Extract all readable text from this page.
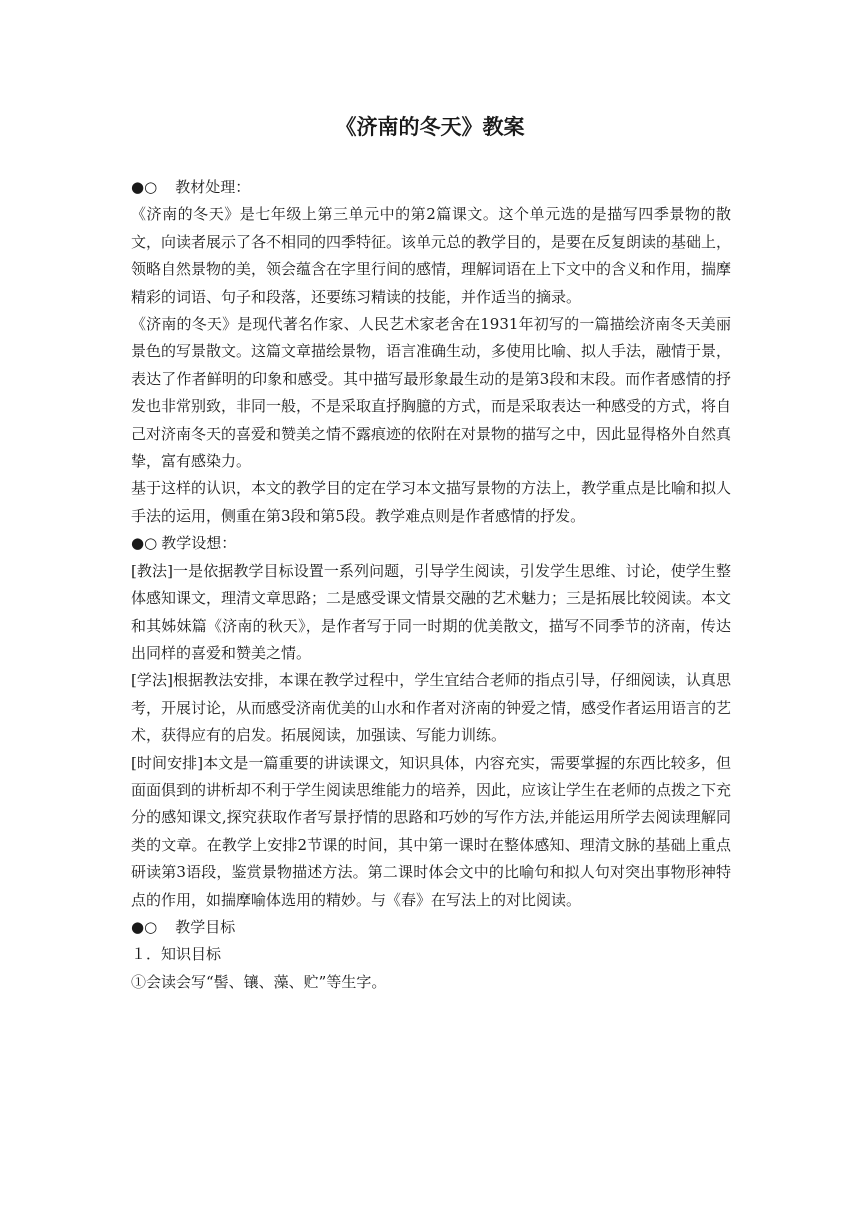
《济南的冬天》教案

●○ 教材处理：

《济南的冬天》是七年级上第三单元中的第2篇课文。这个单元选的是描写四季景物的散文，向读者展示了各不相同的四季特征。该单元总的教学目的，是要在反复朗读的基础上，领略自然景物的美，领会蕴含在字里行间的感情，理解词语在上下文中的含义和作用，揣摩精彩的词语、句子和段落，还要练习精读的技能，并作适当的摘录。

《济南的冬天》是现代著名作家、人民艺术家老舍在1931年初写的一篇描绘济南冬天美丽景色的写景散文。这篇文章描绘景物，语言准确生动，多使用比喻、拟人手法，融情于景，表达了作者鲜明的印象和感受。其中描写最形象最生动的是第3段和末段。而作者感情的抒发也非常别致，非同一般，不是采取直抒胸臆的方式，而是采取表达一种感受的方式，将自己对济南冬天的喜爱和赞美之情不露痕迹的依附在对景物的描写之中，因此显得格外自然真挚，富有感染力。

基于这样的认识，本文的教学目的定在学习本文描写景物的方法上，教学重点是比喻和拟人手法的运用，侧重在第3段和第5段。教学难点则是作者感情的抒发。

●○ 教学设想：

[教法]一是依据教学目标设置一系列问题，引导学生阅读，引发学生思维、讨论，使学生整体感知课文，理清文章思路；二是感受课文情景交融的艺术魅力；三是拓展比较阅读。本文和其姊妹篇《济南的秋天》，是作者写于同一时期的优美散文，描写不同季节的济南，传达出同样的喜爱和赞美之情。

[学法]根据教法安排，本课在教学过程中，学生宜结合老师的指点引导，仔细阅读，认真思考，开展讨论，从而感受济南优美的山水和作者对济南的钟爱之情，感受作者运用语言的艺术，获得应有的启发。拓展阅读，加强读、写能力训练。

[时间安排]本文是一篇重要的讲读课文，知识具体，内容充实，需要掌握的东西比较多，但面面俱到的讲析却不利于学生阅读思维能力的培养，因此，应该让学生在老师的点拨之下充分的感知课文,探究获取作者写景抒情的思路和巧妙的写作方法,并能运用所学去阅读理解同类的文章。在教学上安排2节课的时间，其中第一课时在整体感知、理清文脉的基础上重点研读第3语段，鉴赏景物描述方法。第二课时体会文中的比喻句和拟人句对突出事物形神特点的作用，如揣摩喻体选用的精妙。与《春》在写法上的对比阅读。

●○ 教学目标

１．知识目标

①会读会写“髻、镶、藻、贮”等生字。
